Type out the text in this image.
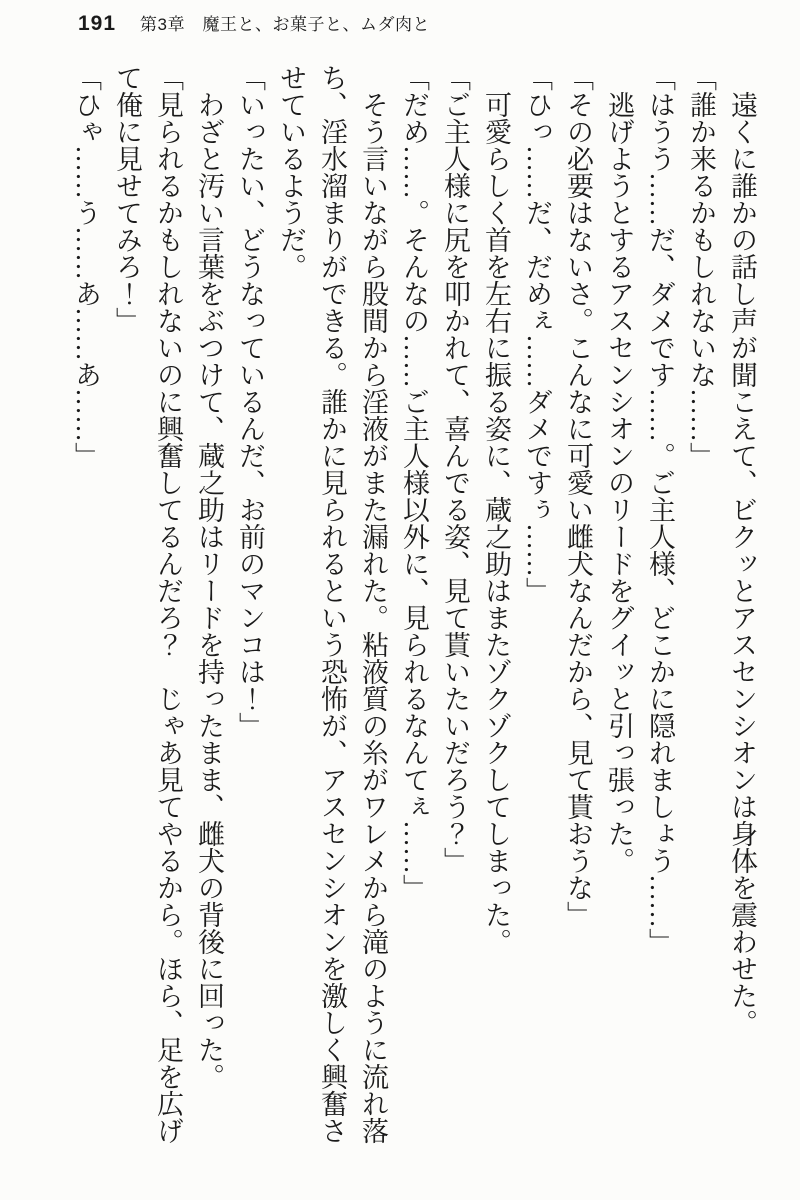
191 第3章　魔王と、お菓子と、ムダ肉と

遠くに誰かの話し声が聞こえて、ビクッとアスセンシオンは身体を震わせた。

「誰か来るかもしれないな……」

「はうう……だ、ダメです……。ご主人様、どこかに隠れましょう……」

逃げようとするアスセンシオンのリードをグイッと引っ張った。

「その必要はないさ。こんなに可愛い雌犬なんだから、見て貰おうな」

「ひっ……だ、だめぇ……ダメですぅ……」

可愛らしく首を左右に振る姿に、蔵之助はまたゾクゾクしてしまった。

「ご主人様に尻を叩かれて、喜んでる姿、見て貰いたいだろう？」

「だめ……。そんなの……ご主人様以外に、見られるなんてぇ……」

そう言いながら股間から淫液がまた漏れた。粘液質の糸がワレメから滝のように流れ落ち、淫水溜まりができる。誰かに見られるという恐怖が、アスセンシオンを激しく興奮させているようだ。

「いったい、どうなっているんだ、お前のマンコは！」

わざと汚い言葉をぶつけて、蔵之助はリードを持ったまま、雌犬の背後に回った。

「見られるかもしれないのに興奮してるんだろ？　じゃあ見てやるから。ほら、足を広げて俺に見せてみろ！」

「ひゃ……う……あ……あ……」
